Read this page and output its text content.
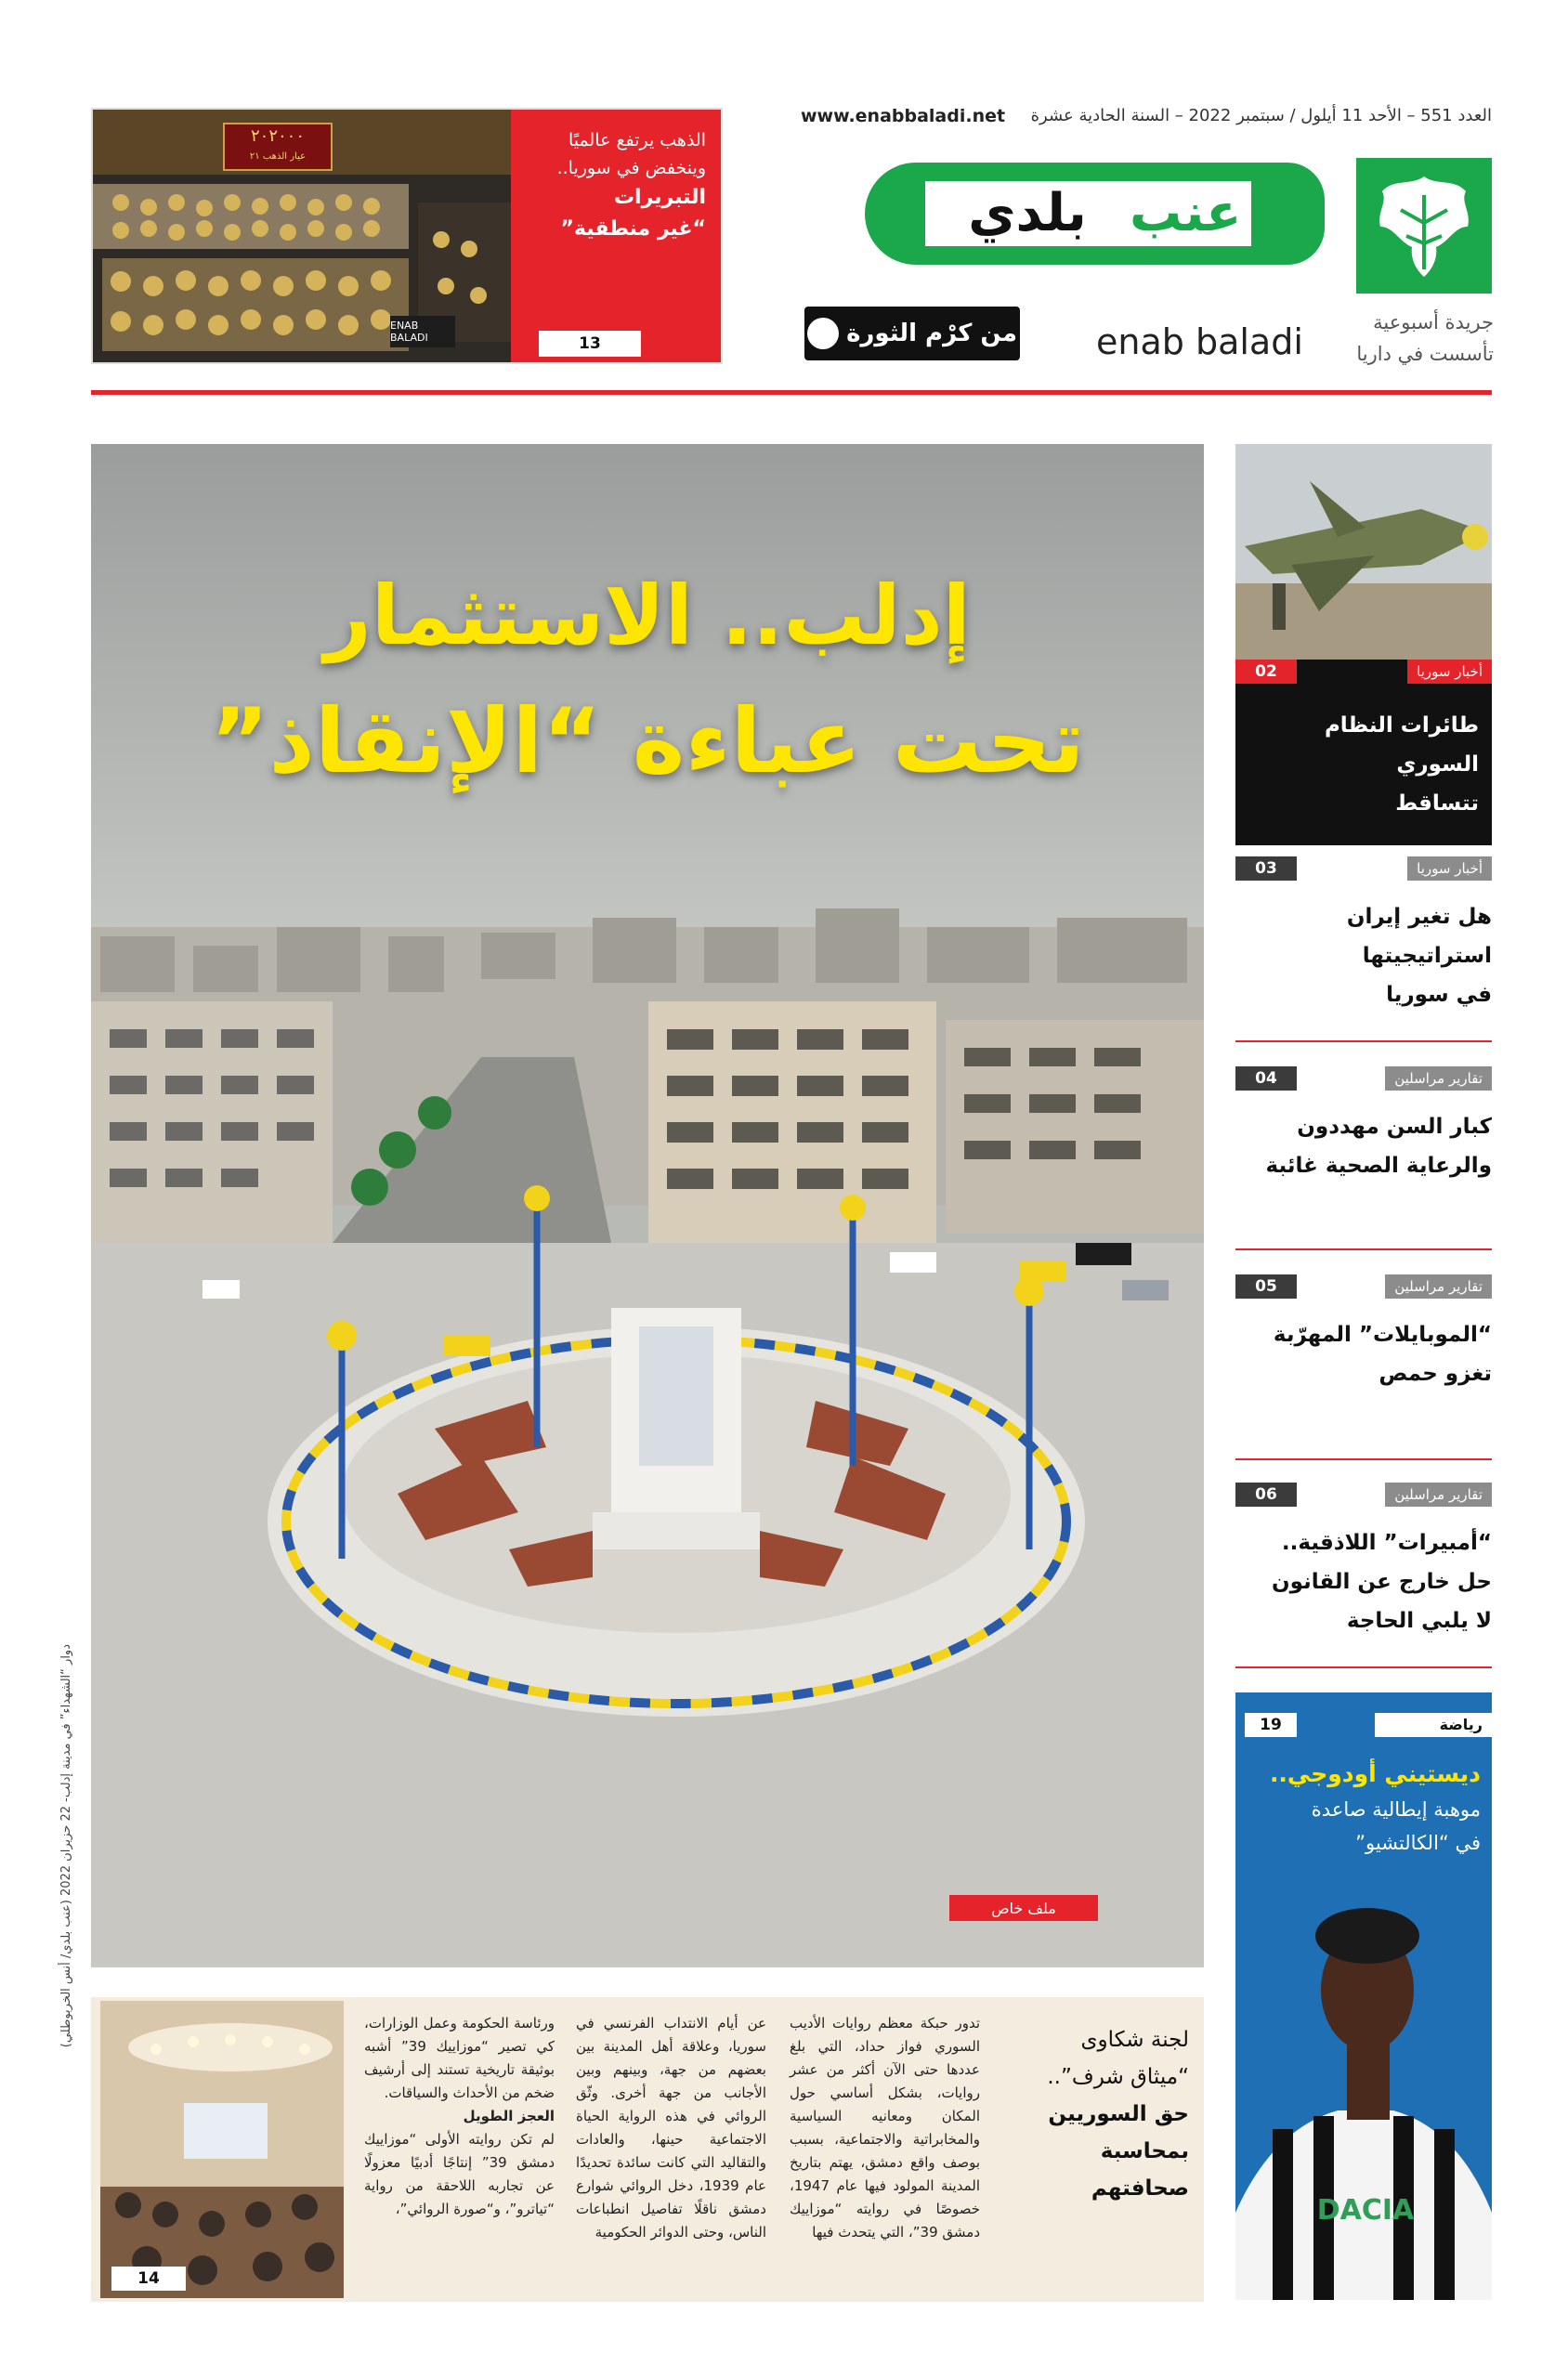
٢٠٢٠٠٠
عيار الذهب ٢١
ENAB BALADI
الذهب يرتفع عالميًا
وينخفض في سوريا..
التبريرات
“غير منطقية”
13
العدد 551 – الأحد 11 أيلول / سبتمبر 2022 – السنة الحادية عشرة
www.enabbaladi.net
بلدي عنب
من كرْم الثورة enab baladi	جريدة أسبوعية
تأسست في داريا
إدلب.. الاستثمار
تحت عباءة “الإنقاذ”
ملف خاص
دوار “الشهداء” في مدينة إدلب- 22 حزيران 2022 (عنب بلدي/ أنس الخربوطلي)
02	أخبار سوريا
طائرات النظام السوري
تتساقط
03	أخبار سوريا
هل تغير إيران استراتيجيتها
في سوريا
04	تقارير مراسلين
كبار السن مهددون
والرعاية الصحية غائبة
05	تقارير مراسلين
“الموبايلات” المهرّبة
تغزو حمص
06	تقارير مراسلين
“أمبيرات” اللاذقية..
حل خارج عن القانون
لا يلبي الحاجة
DACIA
رياضة
19
ديستيني أودوجي..
موهبة إيطالية صاعدة
في “الكالتشيو”
14
لجنة شكاوى
“ميثاق شرف”..
حق السوريين
بمحاسبة صحافتهم
تدور حبكة معظم روايات الأديب السوري فواز حداد، التي بلغ عددها حتى الآن أكثر من عشر روايات، بشكل أساسي حول المكان ومعانيه السياسية والمخابراتية والاجتماعية، بسبب بوصف واقع دمشق، يهتم بتاريخ المدينة المولود فيها عام 1947، خصوصًا في روايته “موزاييك دمشق 39”، التي يتحدث فيها
عن أيام الانتداب الفرنسي في سوريا، وعلاقة أهل المدينة بين بعضهم من جهة، وبينهم وبين الأجانب من جهة أخرى. وثّق الروائي في هذه الرواية الحياة الاجتماعية حينها، والعادات والتقاليد التي كانت سائدة تحديدًا عام 1939، دخل الروائي شوارع دمشق ناقلًا تفاصيل انطباعات الناس، وحتى الدوائر الحكومية
ورئاسة الحكومة وعمل الوزارات، كي تصير “موزاييك 39” أشبه بوثيقة تاريخية تستند إلى أرشيف ضخم من الأحداث والسياقات.
العجز الطويل
لم تكن روايته الأولى “موزاييك دمشق 39” إنتاجًا أدبيًا معزولًا عن تجاربه اللاحقة من رواية “تياترو”، و“صورة الروائي”،
